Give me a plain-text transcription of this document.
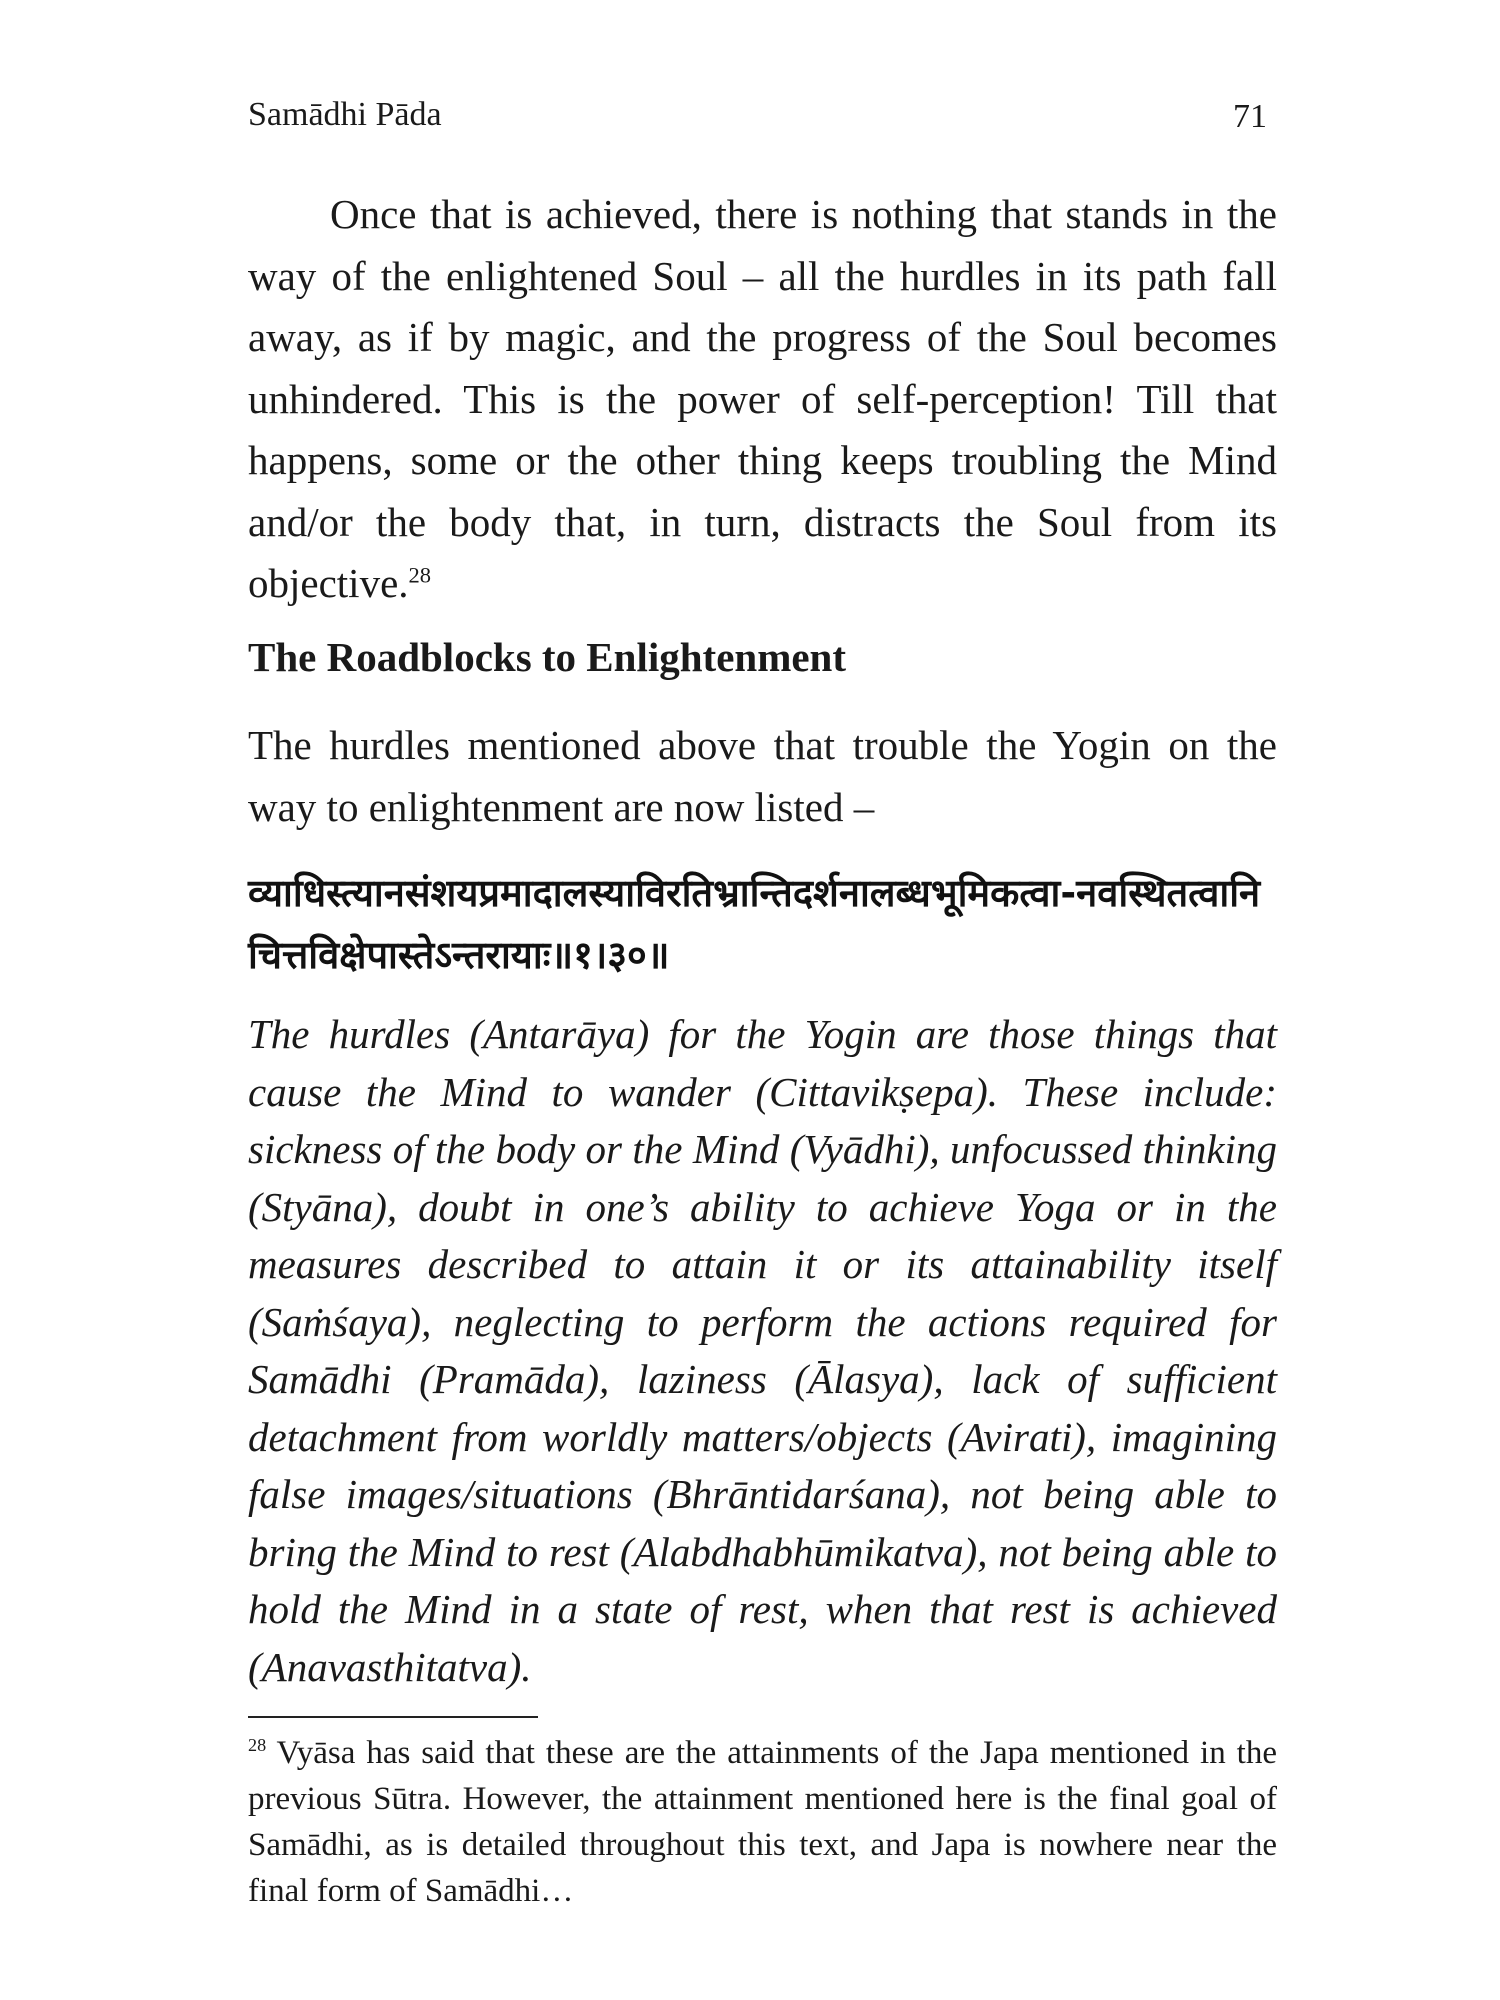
Samādhi Pāda	71

Once that is achieved, there is nothing that stands in the way of the enlightened Soul – all the hurdles in its path fall away, as if by magic, and the progress of the Soul becomes unhindered. This is the power of self-perception! Till that happens, some or the other thing keeps troubling the Mind and/or the body that, in turn, distracts the Soul from its objective.$^{28}$

The Roadblocks to Enlightenment

The hurdles mentioned above that trouble the Yogin on the way to enlightenment are now listed –

व्याधिस्त्यानसंशयप्रमादालस्याविरतिभ्रान्तिदर्शनालब्धभूमिकत्वा-नवस्थितत्वानि चित्तविक्षेपास्तेऽन्तरायाः॥१।३०॥

The hurdles (Antarāya) for the Yogin are those things that cause the Mind to wander (Cittavikṣepa). These include: sickness of the body or the Mind (Vyādhi), unfocussed thinking (Styāna), doubt in one’s ability to achieve Yoga or in the measures described to attain it or its attainability itself (Saṁśaya), neglecting to perform the actions required for Samādhi (Pramāda), laziness (Ālasya), lack of sufficient detachment from worldly matters/objects (Avirati), imagining false images/situations (Bhrāntidarśana), not being able to bring the Mind to rest (Alabdhabhūmikatva), not being able to hold the Mind in a state of rest, when that rest is achieved (Anavasthitatva).

$^{28}$ Vyāsa has said that these are the attainments of the Japa mentioned in the previous Sūtra. However, the attainment mentioned here is the final goal of Samādhi, as is detailed throughout this text, and Japa is nowhere near the final form of Samādhi…
